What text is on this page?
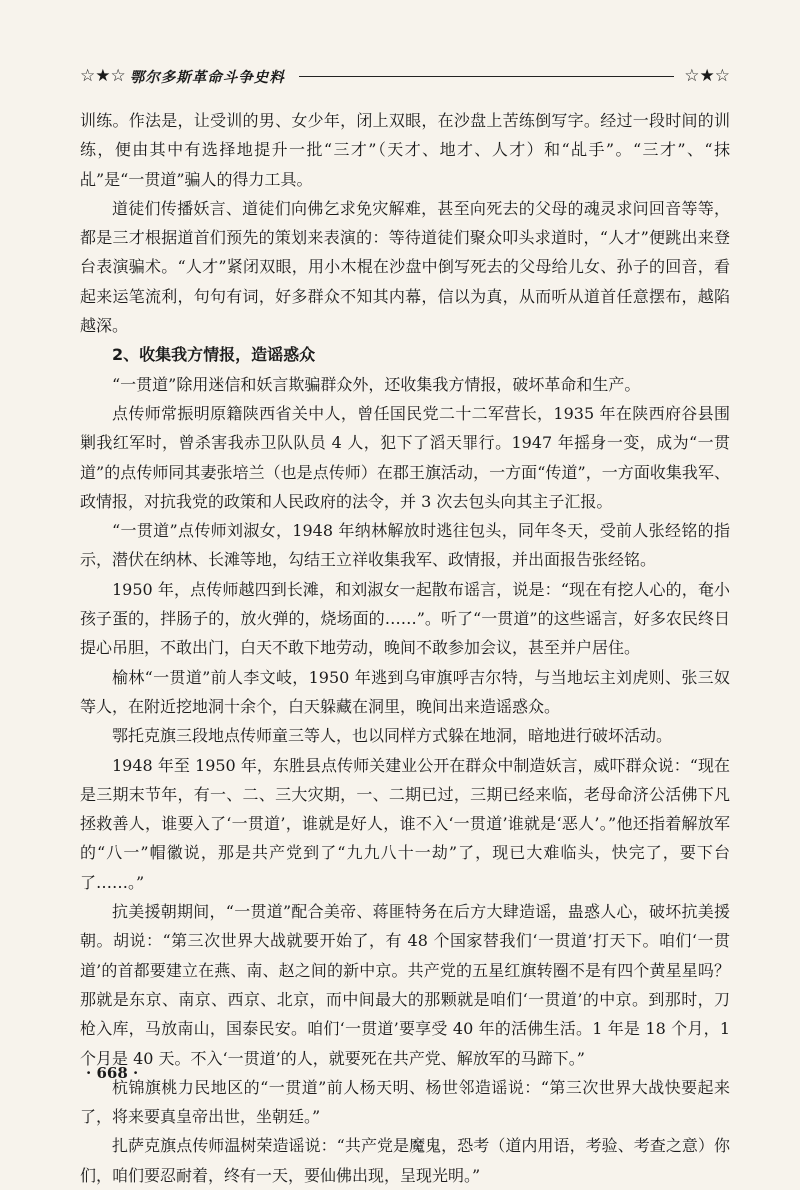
☆★☆ 鄂尔多斯革命斗争史料	☆★☆

训练。作法是，让受训的男、女少年，闭上双眼，在沙盘上苦练倒写字。经过一段时间的训练，便由其中有选择地提升一批“三才”（天才、地才、人才）和“乩手”。“三才”、“抹乩”是“一贯道”骗人的得力工具。

道徒们传播妖言、道徒们向佛乞求免灾解难，甚至向死去的父母的魂灵求问回音等等，都是三才根据道首们预先的策划来表演的：等待道徒们聚众叩头求道时，“人才”便跳出来登台表演骗术。“人才”紧闭双眼，用小木棍在沙盘中倒写死去的父母给儿女、孙子的回音，看起来运笔流利，句句有词，好多群众不知其内幕，信以为真，从而听从道首任意摆布，越陷越深。

2、收集我方情报，造谣惑众

“一贯道”除用迷信和妖言欺骗群众外，还收集我方情报，破坏革命和生产。

点传师常振明原籍陕西省关中人，曾任国民党二十二军营长，1935 年在陕西府谷县围剿我红军时，曾杀害我赤卫队队员 4 人，犯下了滔天罪行。1947 年摇身一变，成为“一贯道”的点传师同其妻张培兰（也是点传师）在郡王旗活动，一方面“传道”，一方面收集我军、政情报，对抗我党的政策和人民政府的法令，并 3 次去包头向其主子汇报。

“一贯道”点传师刘淑女，1948 年纳林解放时逃往包头，同年冬天，受前人张经铭的指示，潜伏在纳林、长滩等地，勾结王立祥收集我军、政情报，并出面报告张经铭。

1950 年，点传师越四到长滩，和刘淑女一起散布谣言，说是：“现在有挖人心的，奄小孩子蛋的，拌肠子的，放火弹的，烧场面的……”。听了“一贯道”的这些谣言，好多农民终日提心吊胆，不敢出门，白天不敢下地劳动，晚间不敢参加会议，甚至并户居住。

榆林“一贯道”前人李文岐，1950 年逃到乌审旗呼吉尔特，与当地坛主刘虎则、张三奴等人，在附近挖地洞十余个，白天躲藏在洞里，晚间出来造谣惑众。

鄂托克旗三段地点传师童三等人，也以同样方式躲在地洞，暗地进行破坏活动。

1948 年至 1950 年，东胜县点传师关建业公开在群众中制造妖言，威吓群众说：“现在是三期末节年，有一、二、三大灾期，一、二期已过，三期已经来临，老母命济公活佛下凡拯救善人，谁要入了‘一贯道’，谁就是好人，谁不入‘一贯道’谁就是‘恶人’。”他还指着解放军的“八一”帽徽说，那是共产党到了“九九八十一劫”了，现已大难临头，快完了，要下台了……。”

抗美援朝期间，“一贯道”配合美帝、蒋匪特务在后方大肆造谣，蛊惑人心，破坏抗美援朝。胡说：“第三次世界大战就要开始了，有 48 个国家替我们‘一贯道’打天下。咱们‘一贯道’的首都要建立在燕、南、赵之间的新中京。共产党的五星红旗转圈不是有四个黄星星吗？那就是东京、南京、西京、北京，而中间最大的那颗就是咱们‘一贯道’的中京。到那时，刀枪入库，马放南山，国泰民安。咱们‘一贯道’要享受 40 年的活佛生活。1 年是 18 个月，1 个月是 40 天。不入‘一贯道’的人，就要死在共产党、解放军的马蹄下。”

杭锦旗桃力民地区的“一贯道”前人杨天明、杨世邻造谣说：“第三次世界大战快要起来了，将来要真皇帝出世，坐朝廷。”

扎萨克旗点传师温树荣造谣说：“共产党是魔鬼，恐考（道内用语，考验、考查之意）你们，咱们要忍耐着，终有一天，要仙佛出现，呈现光明。”

· 668 ·
